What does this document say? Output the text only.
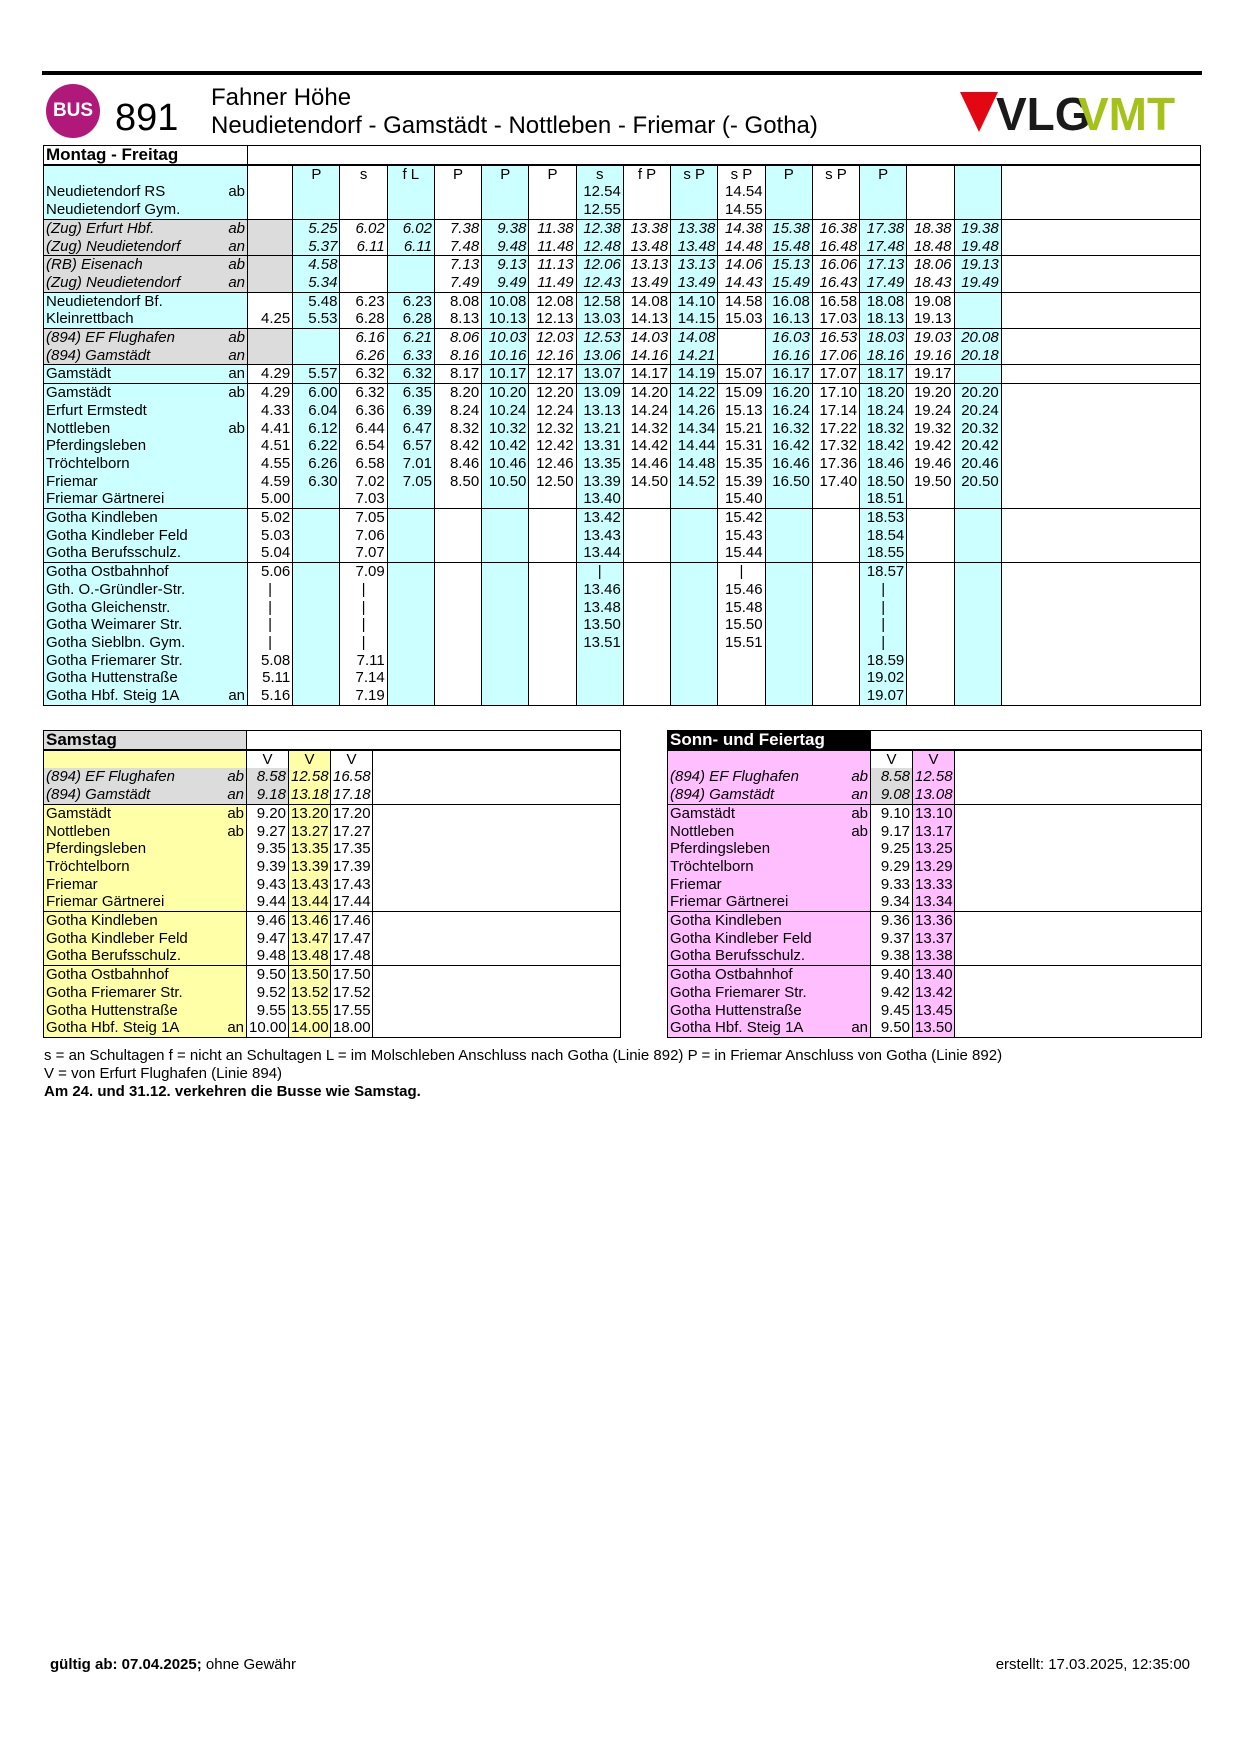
BUS 891 Fahner Höhe
Neudietendorf - Gamstädt - Nottleben - Friemar (- Gotha)	VLG
VMT
s = an Schultagen f = nicht an Schultagen L = im Molschleben Anschluss nach Gotha (Linie 892) P = in Friemar Anschluss von Gotha (Linie 892)
V = von Erfurt Flughafen (Linie 894)
Am 24. und 31.12. verkehren die Busse wie Samstag.
gültig ab: 07.04.2025; ohne Gewähr	erstellt: 17.03.2025, 12:35:00
Montag - Freitag																		
			P	s	f L	P	P	P	s	f P	s P	s P	P	s P	P			
Neudietendorf RS	ab								12.54			14.54						
Neudietendorf Gym.									12.55			14.55						
(Zug) Erfurt Hbf.	ab		5.25	6.02	6.02	7.38	9.38	11.38	12.38	13.38	13.38	14.38	15.38	16.38	17.38	18.38	19.38	
(Zug) Neudietendorf	an		5.37	6.11	6.11	7.48	9.48	11.48	12.48	13.48	13.48	14.48	15.48	16.48	17.48	18.48	19.48	
(RB) Eisenach	ab		4.58			7.13	9.13	11.13	12.06	13.13	13.13	14.06	15.13	16.06	17.13	18.06	19.13	
(Zug) Neudietendorf	an		5.34			7.49	9.49	11.49	12.43	13.49	13.49	14.43	15.49	16.43	17.49	18.43	19.49	
Neudietendorf Bf.			5.48	6.23	6.23	8.08	10.08	12.08	12.58	14.08	14.10	14.58	16.08	16.58	18.08	19.08		
Kleinrettbach		4.25	5.53	6.28	6.28	8.13	10.13	12.13	13.03	14.13	14.15	15.03	16.13	17.03	18.13	19.13		
(894) EF Flughafen	ab			6.16	6.21	8.06	10.03	12.03	12.53	14.03	14.08		16.03	16.53	18.03	19.03	20.08	
(894) Gamstädt	an			6.26	6.33	8.16	10.16	12.16	13.06	14.16	14.21		16.16	17.06	18.16	19.16	20.18	
Gamstädt	an	4.29	5.57	6.32	6.32	8.17	10.17	12.17	13.07	14.17	14.19	15.07	16.17	17.07	18.17	19.17		
Gamstädt	ab	4.29	6.00	6.32	6.35	8.20	10.20	12.20	13.09	14.20	14.22	15.09	16.20	17.10	18.20	19.20	20.20	
Erfurt Ermstedt		4.33	6.04	6.36	6.39	8.24	10.24	12.24	13.13	14.24	14.26	15.13	16.24	17.14	18.24	19.24	20.24	
Nottleben	ab	4.41	6.12	6.44	6.47	8.32	10.32	12.32	13.21	14.32	14.34	15.21	16.32	17.22	18.32	19.32	20.32	
Pferdingsleben		4.51	6.22	6.54	6.57	8.42	10.42	12.42	13.31	14.42	14.44	15.31	16.42	17.32	18.42	19.42	20.42	
Tröchtelborn		4.55	6.26	6.58	7.01	8.46	10.46	12.46	13.35	14.46	14.48	15.35	16.46	17.36	18.46	19.46	20.46	
Friemar		4.59	6.30	7.02	7.05	8.50	10.50	12.50	13.39	14.50	14.52	15.39	16.50	17.40	18.50	19.50	20.50	
Friemar Gärtnerei		5.00		7.03					13.40			15.40			18.51			
Gotha Kindleben		5.02		7.05					13.42			15.42			18.53			
Gotha Kindleber Feld		5.03		7.06					13.43			15.43			18.54			
Gotha Berufsschulz.		5.04		7.07					13.44			15.44			18.55			
Gotha Ostbahnhof		5.06		7.09					|			|			18.57			
Gth. O.-Gründler-Str.		|		|					13.46			15.46			|			
Gotha Gleichenstr.		|		|					13.48			15.48			|			
Gotha Weimarer Str.		|		|					13.50			15.50			|			
Gotha Sieblbn. Gym.		|		|					13.51			15.51			|			
Gotha Friemarer Str.		5.08		7.11											18.59			
Gotha Huttenstraße		5.11		7.14											19.02			
Gotha Hbf. Steig 1A	an	5.16		7.19											19.07			
Samstag					
		V	V	V	
(894) EF Flughafen	ab	8.58	12.58	16.58	
(894) Gamstädt	an	9.18	13.18	17.18	
Gamstädt	ab	9.20	13.20	17.20	
Nottleben	ab	9.27	13.27	17.27	
Pferdingsleben		9.35	13.35	17.35	
Tröchtelborn		9.39	13.39	17.39	
Friemar		9.43	13.43	17.43	
Friemar Gärtnerei		9.44	13.44	17.44	
Gotha Kindleben		9.46	13.46	17.46	
Gotha Kindleber Feld		9.47	13.47	17.47	
Gotha Berufsschulz.		9.48	13.48	17.48	
Gotha Ostbahnhof		9.50	13.50	17.50	
Gotha Friemarer Str.		9.52	13.52	17.52	
Gotha Huttenstraße		9.55	13.55	17.55	
Gotha Hbf. Steig 1A	an	10.00	14.00	18.00	
Sonn- und Feiertag				
		V	V	
(894) EF Flughafen	ab	8.58	12.58	
(894) Gamstädt	an	9.08	13.08	
Gamstädt	ab	9.10	13.10	
Nottleben	ab	9.17	13.17	
Pferdingsleben		9.25	13.25	
Tröchtelborn		9.29	13.29	
Friemar		9.33	13.33	
Friemar Gärtnerei		9.34	13.34	
Gotha Kindleben		9.36	13.36	
Gotha Kindleber Feld		9.37	13.37	
Gotha Berufsschulz.		9.38	13.38	
Gotha Ostbahnhof		9.40	13.40	
Gotha Friemarer Str.		9.42	13.42	
Gotha Huttenstraße		9.45	13.45	
Gotha Hbf. Steig 1A	an	9.50	13.50	
